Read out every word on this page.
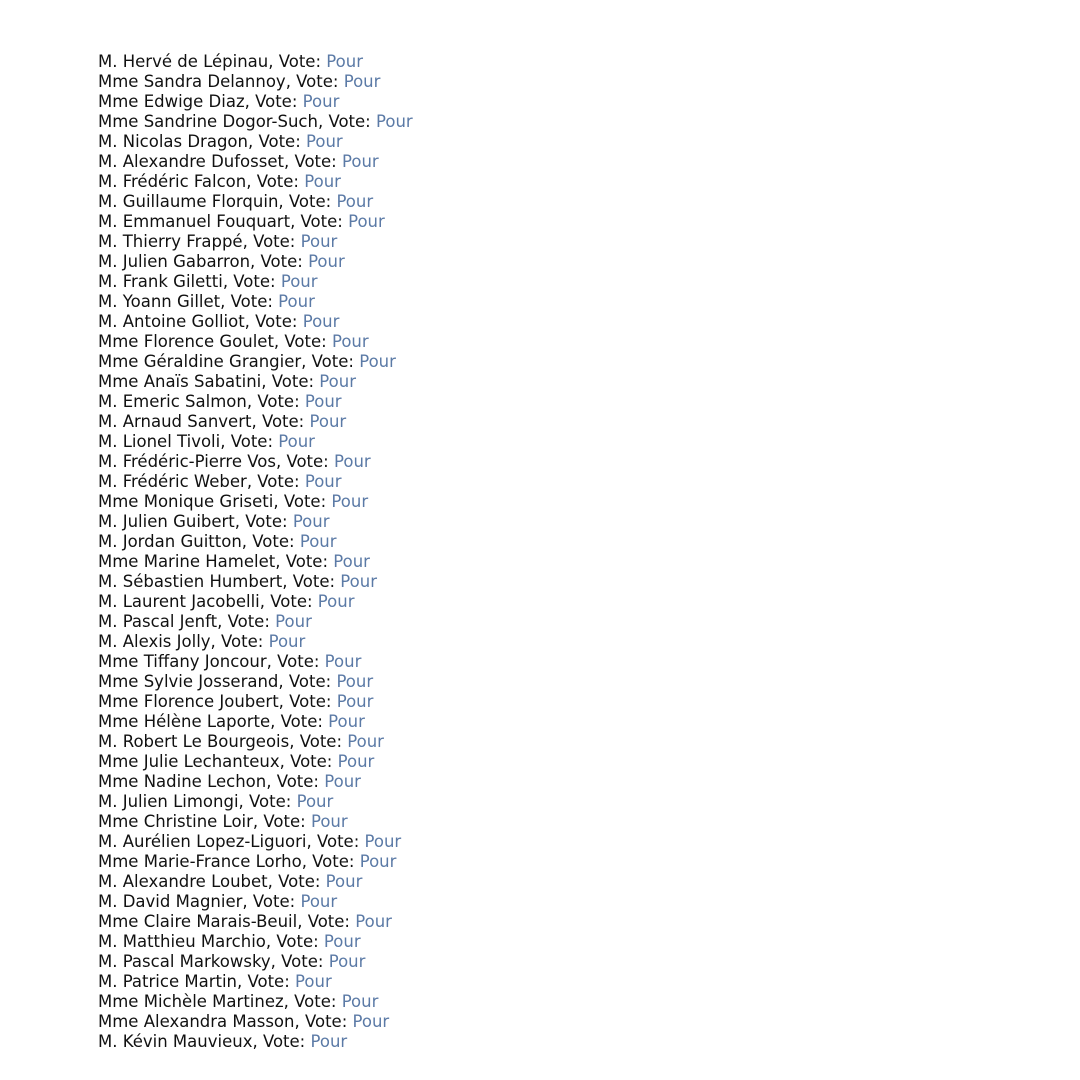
M. Hervé de Lépinau, Vote: Pour
Mme Sandra Delannoy, Vote: Pour
Mme Edwige Diaz, Vote: Pour
Mme Sandrine Dogor-Such, Vote: Pour
M. Nicolas Dragon, Vote: Pour
M. Alexandre Dufosset, Vote: Pour
M. Frédéric Falcon, Vote: Pour
M. Guillaume Florquin, Vote: Pour
M. Emmanuel Fouquart, Vote: Pour
M. Thierry Frappé, Vote: Pour
M. Julien Gabarron, Vote: Pour
M. Frank Giletti, Vote: Pour
M. Yoann Gillet, Vote: Pour
M. Antoine Golliot, Vote: Pour
Mme Florence Goulet, Vote: Pour
Mme Géraldine Grangier, Vote: Pour
Mme Anaïs Sabatini, Vote: Pour
M. Emeric Salmon, Vote: Pour
M. Arnaud Sanvert, Vote: Pour
M. Lionel Tivoli, Vote: Pour
M. Frédéric-Pierre Vos, Vote: Pour
M. Frédéric Weber, Vote: Pour
Mme Monique Griseti, Vote: Pour
M. Julien Guibert, Vote: Pour
M. Jordan Guitton, Vote: Pour
Mme Marine Hamelet, Vote: Pour
M. Sébastien Humbert, Vote: Pour
M. Laurent Jacobelli, Vote: Pour
M. Pascal Jenft, Vote: Pour
M. Alexis Jolly, Vote: Pour
Mme Tiffany Joncour, Vote: Pour
Mme Sylvie Josserand, Vote: Pour
Mme Florence Joubert, Vote: Pour
Mme Hélène Laporte, Vote: Pour
M. Robert Le Bourgeois, Vote: Pour
Mme Julie Lechanteux, Vote: Pour
Mme Nadine Lechon, Vote: Pour
M. Julien Limongi, Vote: Pour
Mme Christine Loir, Vote: Pour
M. Aurélien Lopez-Liguori, Vote: Pour
Mme Marie-France Lorho, Vote: Pour
M. Alexandre Loubet, Vote: Pour
M. David Magnier, Vote: Pour
Mme Claire Marais-Beuil, Vote: Pour
M. Matthieu Marchio, Vote: Pour
M. Pascal Markowsky, Vote: Pour
M. Patrice Martin, Vote: Pour
Mme Michèle Martinez, Vote: Pour
Mme Alexandra Masson, Vote: Pour
M. Kévin Mauvieux, Vote: Pour
